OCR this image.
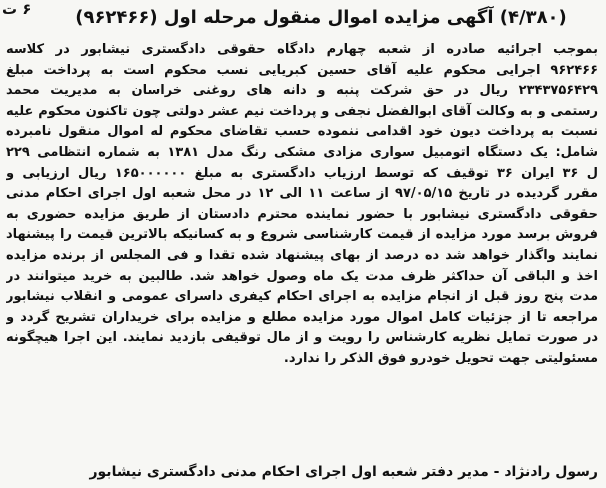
۶ ت	(۴/۳۸۰) آگهی مزایده اموال منقول مرحله اول (۹۶۲۴۶۶)
بموجب اجرائیه صادره از شعبه چهارم دادگاه حقوقی دادگستری نیشابور در کلاسه
۹۶۲۴۶۶ اجرایی محکوم علیه آقای حسین کبریایی نسب محکوم است به پرداخت مبلغ
۲۳۴۳۷۵۶۴۲۹ ریال در حق شرکت پنبه و دانه های روغنی خراسان به مدیریت محمد
رستمی و به وکالت آقای ابوالفضل نجفی و پرداخت نیم عشر دولتی چون تاکنون محکوم علیه
نسبت به پرداخت دیون خود اقدامی ننموده حسب تقاضای محکوم له اموال منقول نامبرده
شامل: یک دستگاه اتومبیل سواری مزادی مشکی رنگ مدل ۱۳۸۱ به شماره انتظامی ۲۲۹
ل ۳۶ ایران ۳۶ توقیف که توسط ارزیاب دادگستری به مبلغ ۱۶۵۰۰۰۰۰۰ ریال ارزیابی و
مقرر گردیده در تاریخ ۹۷/۰۵/۱۵ از ساعت ۱۱ الی ۱۲ در محل شعبه اول اجرای احکام مدنی
حقوقی دادگستری نیشابور با حضور نماینده محترم دادستان از طریق مزایده حضوری به
فروش برسد مورد مزایده از قیمت کارشناسی شروع و به کسانیکه بالاترین قیمت را پیشنهاد
نمایند واگذار خواهد شد ده درصد از بهای پیشنهاد شده تقدا و فی المجلس از برنده مزایده
اخذ و الباقی آن حداکثر ظرف مدت یک ماه وصول خواهد شد. طالبین به خرید میتوانند در
مدت پنج روز قبل از انجام مزایده به اجرای احکام کیفری داسرای عمومی و انقلاب نیشابور
مراجعه تا از جزئیات کامل اموال مورد مزایده مطلع و مزایده برای خریداران تشریح گردد و
در صورت تمایل نظریه کارشناس را رویت و از مال توقیفی بازدید نمایند. این اجرا هیچگونه
مسئولیتی جهت تحویل خودرو فوق الذکر را ندارد.
رسول رادنژاد - مدیر دفتر شعبه اول اجرای احکام مدنی دادگستری نیشابور
